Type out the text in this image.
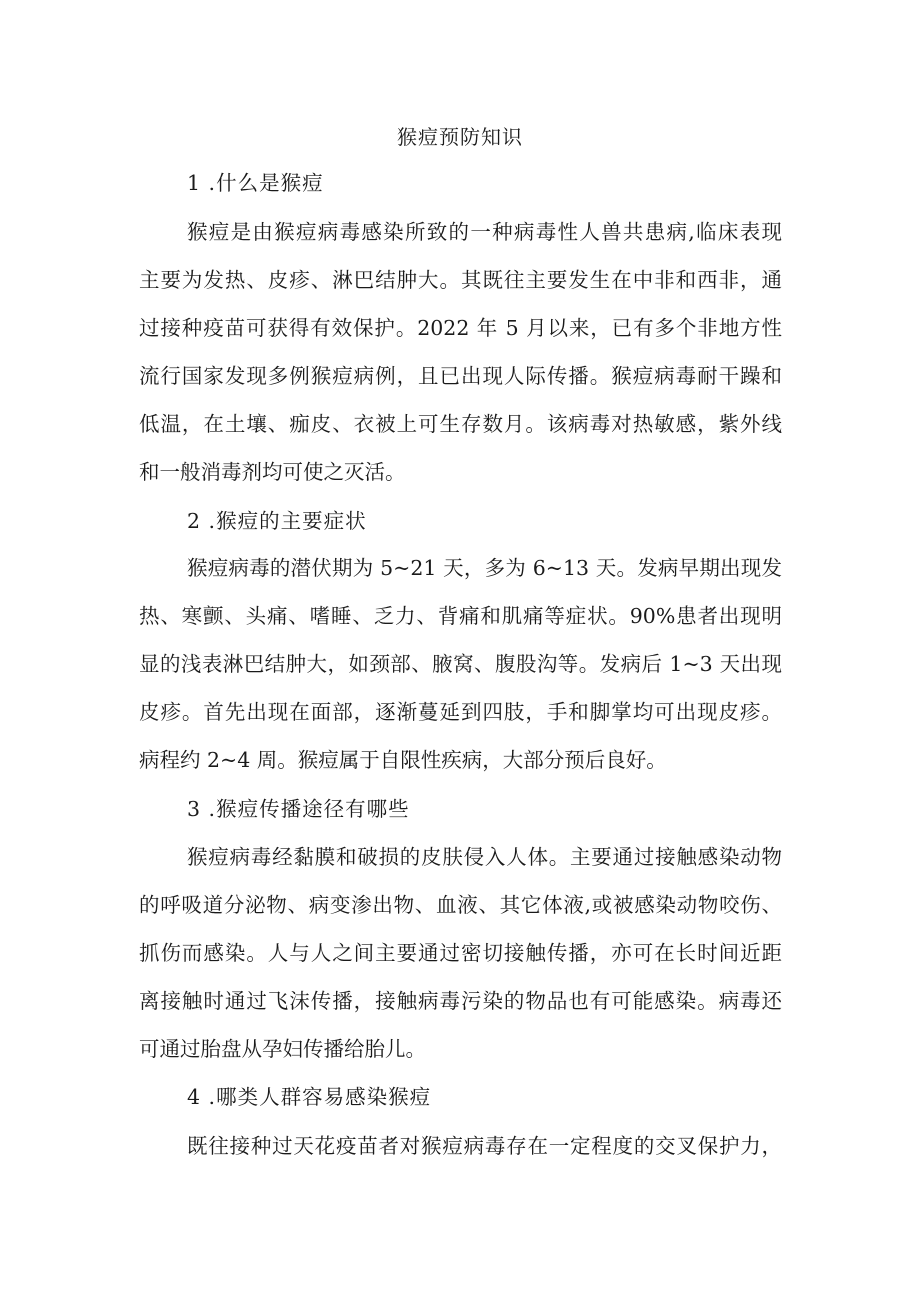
猴痘预防知识
1 .什么是猴痘
猴痘是由猴痘病毒感染所致的一种病毒性人兽共患病,临床表现
主要为发热、皮疹、淋巴结肿大。其既往主要发生在中非和西非，通
过接种疫苗可获得有效保护。2022 年 5 月以来，已有多个非地方性
流行国家发现多例猴痘病例，且已出现人际传播。猴痘病毒耐干躁和
低温，在土壤、痂皮、衣被上可生存数月。该病毒对热敏感，紫外线
和一般消毒剂均可使之灭活。
2 .猴痘的主要症状
猴痘病毒的潜伏期为 5~21 天，多为 6~13 天。发病早期出现发
热、寒颤、头痛、嗜睡、乏力、背痛和肌痛等症状。90%患者出现明
显的浅表淋巴结肿大，如颈部、腋窝、腹股沟等。发病后 1~3 天出现
皮疹。首先出现在面部，逐渐蔓延到四肢，手和脚掌均可出现皮疹。
病程约 2~4 周。猴痘属于自限性疾病，大部分预后良好。
3 .猴痘传播途径有哪些
猴痘病毒经黏膜和破损的皮肤侵入人体。主要通过接触感染动物
的呼吸道分泌物、病变渗出物、血液、其它体液,或被感染动物咬伤、
抓伤而感染。人与人之间主要通过密切接触传播，亦可在长时间近距
离接触时通过飞沫传播，接触病毒污染的物品也有可能感染。病毒还
可通过胎盘从孕妇传播给胎儿。
4 .哪类人群容易感染猴痘
既往接种过天花疫苗者对猴痘病毒存在一定程度的交叉保护力，
